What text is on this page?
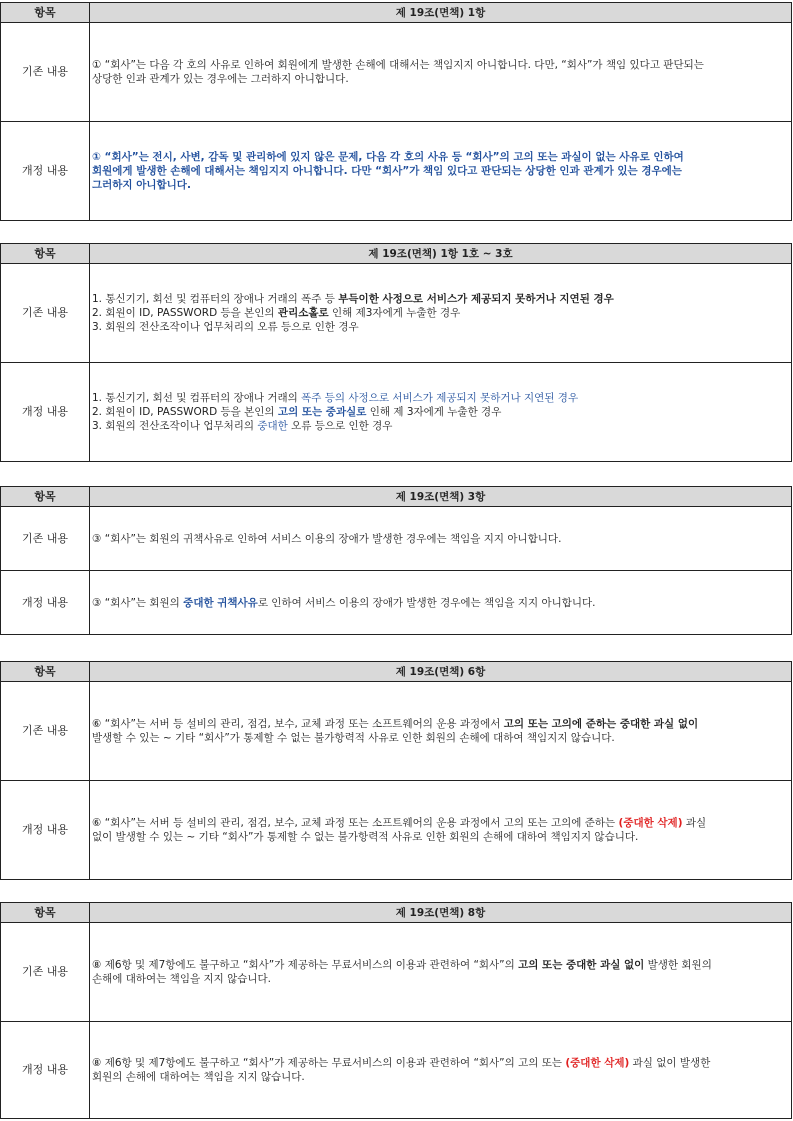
항목	제 19조(면책) 1항
기존 내용	① “회사”는 다음 각 호의 사유로 인하여 회원에게 발생한 손해에 대해서는 책임지지 아니합니다. 다만, “회사”가 책임 있다고 판단되는
상당한 인과 관계가 있는 경우에는 그러하지 아니합니다.

개정 내용	① “회사”는 전시, 사변, 감독 및 관리하에 있지 않은 문제, 다음 각 호의 사유 등 “회사”의 고의 또는 과실이 없는 사유로 인하여
회원에게 발생한 손해에 대해서는 책임지지 아니합니다. 다만 “회사”가 책임 있다고 판단되는 상당한 인과 관계가 있는 경우에는
그러하지 아니합니다.
항목	제 19조(면책) 1항 1호 ~ 3호
기존 내용	1. 통신기기, 회선 및 컴퓨터의 장애나 거래의 폭주 등 부득이한 사정으로 서비스가 제공되지 못하거나 지연된 경우
2. 회원이 ID, PASSWORD 등을 본인의 관리소홀로 인해 제3자에게 누출한 경우
3. 회원의 전산조작이나 업무처리의 오류 등으로 인한 경우

개정 내용	1. 통신기기, 회선 및 컴퓨터의 장애나 거래의 폭주 등의 사정으로 서비스가 제공되지 못하거나 지연된 경우
2. 회원이 ID, PASSWORD 등을 본인의 고의 또는 중과실로 인해 제 3자에게 누출한 경우
3. 회원의 전산조작이나 업무처리의 중대한 오류 등으로 인한 경우
항목	제 19조(면책) 3항
기존 내용	③ “회사”는 회원의 귀책사유로 인하여 서비스 이용의 장애가 발생한 경우에는 책임을 지지 아니합니다.

개정 내용	③ “회사”는 회원의 중대한 귀책사유로 인하여 서비스 이용의 장애가 발생한 경우에는 책임을 지지 아니합니다.
항목	제 19조(면책) 6항
기존 내용	⑥ “회사”는 서버 등 설비의 관리, 점검, 보수, 교체 과정 또는 소프트웨어의 운용 과정에서 고의 또는 고의에 준하는 중대한 과실 없이
발생할 수 있는 ~ 기타 “회사”가 통제할 수 없는 불가항력적 사유로 인한 회원의 손해에 대하여 책임지지 않습니다.

개정 내용	⑥ “회사”는 서버 등 설비의 관리, 점검, 보수, 교체 과정 또는 소프트웨어의 운용 과정에서 고의 또는 고의에 준하는 (중대한 삭제) 과실
없이 발생할 수 있는 ~ 기타 “회사”가 통제할 수 없는 불가항력적 사유로 인한 회원의 손해에 대하여 책임지지 않습니다.
항목	제 19조(면책) 8항
기존 내용	⑧ 제6항 및 제7항에도 불구하고 “회사”가 제공하는 무료서비스의 이용과 관련하여 “회사”의 고의 또는 중대한 과실 없이 발생한 회원의
손해에 대하여는 책임을 지지 않습니다.

개정 내용	⑧ 제6항 및 제7항에도 불구하고 “회사”가 제공하는 무료서비스의 이용과 관련하여 “회사”의 고의 또는 (중대한 삭제) 과실 없이 발생한
회원의 손해에 대하여는 책임을 지지 않습니다.
